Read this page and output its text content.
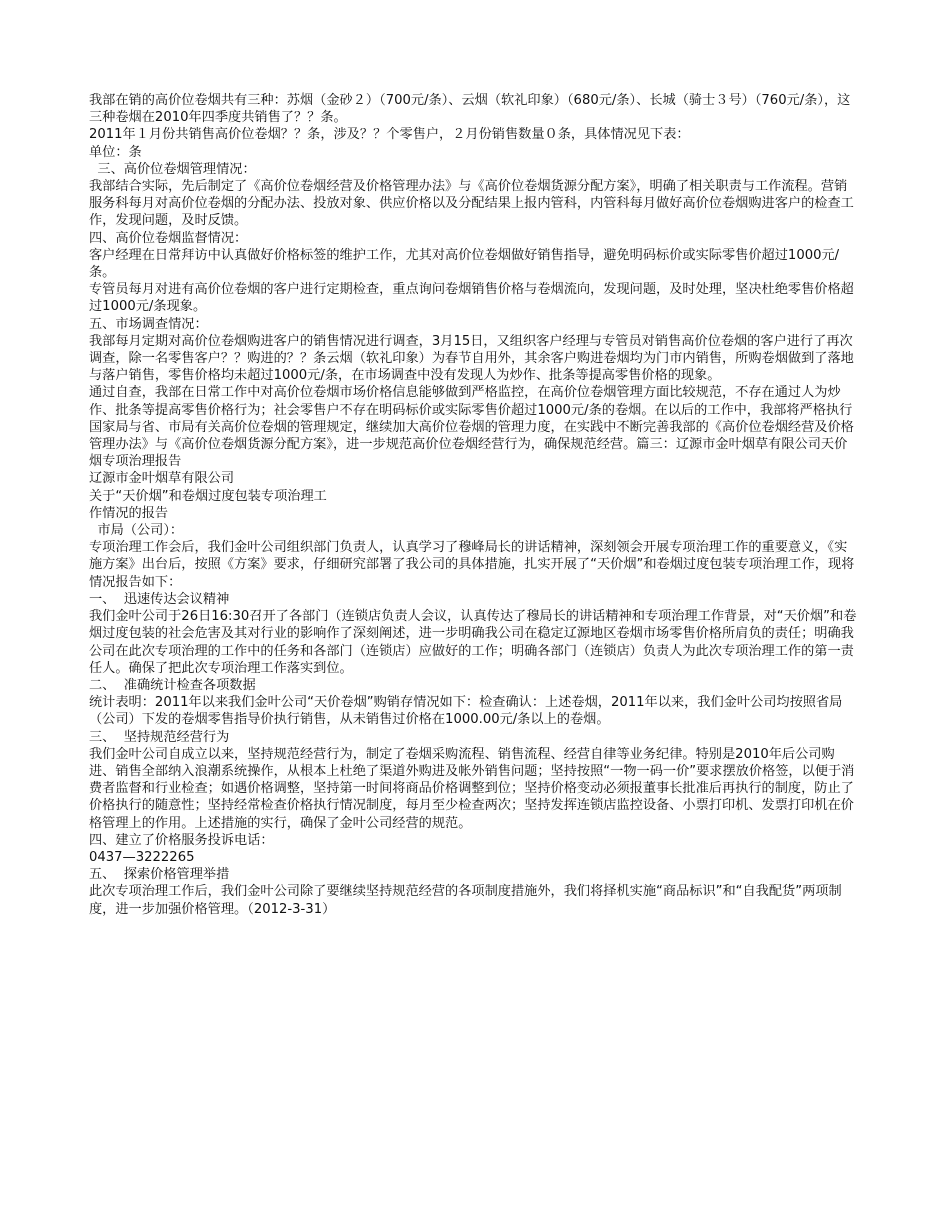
我部在销的高价位卷烟共有三种：苏烟（金砂２）（700元/条）、云烟（软礼印象）（680元/条）、长城（骑士３号）（760元/条），这三种卷烟在2010年四季度共销售了？？条。

2011年１月份共销售高价位卷烟？？条，涉及？？个零售户，２月份销售数量０条，具体情况见下表：

单位：条

三、高价位卷烟管理情况：

我部结合实际，先后制定了《高价位卷烟经营及价格管理办法》与《高价位卷烟货源分配方案》，明确了相关职责与工作流程。营销服务科每月对高价位卷烟的分配办法、投放对象、供应价格以及分配结果上报内管科，内管科每月做好高价位卷烟购进客户的检查工作，发现问题，及时反馈。

四、高价位卷烟监督情况：

客户经理在日常拜访中认真做好价格标签的维护工作，尤其对高价位卷烟做好销售指导，避免明码标价或实际零售价超过1000元/条。

专管员每月对进有高价位卷烟的客户进行定期检查，重点询问卷烟销售价格与卷烟流向，发现问题，及时处理，坚决杜绝零售价格超过1000元/条现象。

五、市场调查情况：

我部每月定期对高价位卷烟购进客户的销售情况进行调查，3月15日，又组织客户经理与专管员对销售高价位卷烟的客户进行了再次调查，除一名零售客户？？购进的？？条云烟（软礼印象）为春节自用外，其余客户购进卷烟均为门市内销售，所购卷烟做到了落地与落户销售，零售价格均未超过1000元/条，在市场调查中没有发现人为炒作、批条等提高零售价格的现象。

通过自查，我部在日常工作中对高价位卷烟市场价格信息能够做到严格监控，在高价位卷烟管理方面比较规范，不存在通过人为炒作、批条等提高零售价格行为；社会零售户不存在明码标价或实际零售价超过1000元/条的卷烟。在以后的工作中，我部将严格执行国家局与省、市局有关高价位卷烟的管理规定，继续加大高价位卷烟的管理力度，在实践中不断完善我部的《高价位卷烟经营及价格管理办法》与《高价位卷烟货源分配方案》，进一步规范高价位卷烟经营行为，确保规范经营。篇三：辽源市金叶烟草有限公司天价烟专项治理报告

辽源市金叶烟草有限公司

关于“天价烟”和卷烟过度包装专项治理工

作情况的报告

市局（公司）：

专项治理工作会后，我们金叶公司组织部门负责人，认真学习了穆峰局长的讲话精神，深刻领会开展专项治理工作的重要意义，《实施方案》出台后，按照《方案》要求，仔细研究部署了我公司的具体措施，扎实开展了“天价烟”和卷烟过度包装专项治理工作，现将情况报告如下：

一、  迅速传达会议精神

我们金叶公司于26日16:30召开了各部门（连锁店负责人会议，认真传达了穆局长的讲话精神和专项治理工作背景，对“天价烟”和卷烟过度包装的社会危害及其对行业的影响作了深刻阐述，进一步明确我公司在稳定辽源地区卷烟市场零售价格所肩负的责任；明确我公司在此次专项治理的工作中的任务和各部门（连锁店）应做好的工作；明确各部门（连锁店）负责人为此次专项治理工作的第一责任人。确保了把此次专项治理工作落实到位。

二、  准确统计检查各项数据

统计表明：2011年以来我们金叶公司“天价卷烟”购销存情况如下：检查确认：上述卷烟，2011年以来，我们金叶公司均按照省局（公司）下发的卷烟零售指导价执行销售，从未销售过价格在1000.00元/条以上的卷烟。

三、  坚持规范经营行为

我们金叶公司自成立以来，坚持规范经营行为，制定了卷烟采购流程、销售流程、经营自律等业务纪律。特别是2010年后公司购进、销售全部纳入浪潮系统操作，从根本上杜绝了渠道外购进及帐外销售问题；坚持按照“一物一码一价”要求摆放价格签，以便于消费者监督和行业检查；如遇价格调整，坚持第一时间将商品价格调整到位；坚持价格变动必须报董事长批准后再执行的制度，防止了价格执行的随意性；坚持经常检查价格执行情况制度，每月至少检查两次；坚持发挥连锁店监控设备、小票打印机、发票打印机在价格管理上的作用。上述措施的实行，确保了金叶公司经营的规范。

四、建立了价格服务投诉电话：

0437—3222265

五、  探索价格管理举措

此次专项治理工作后，我们金叶公司除了要继续坚持规范经营的各项制度措施外，我们将择机实施“商品标识”和“自我配货”两项制度，进一步加强价格管理。（2012-3-31）
